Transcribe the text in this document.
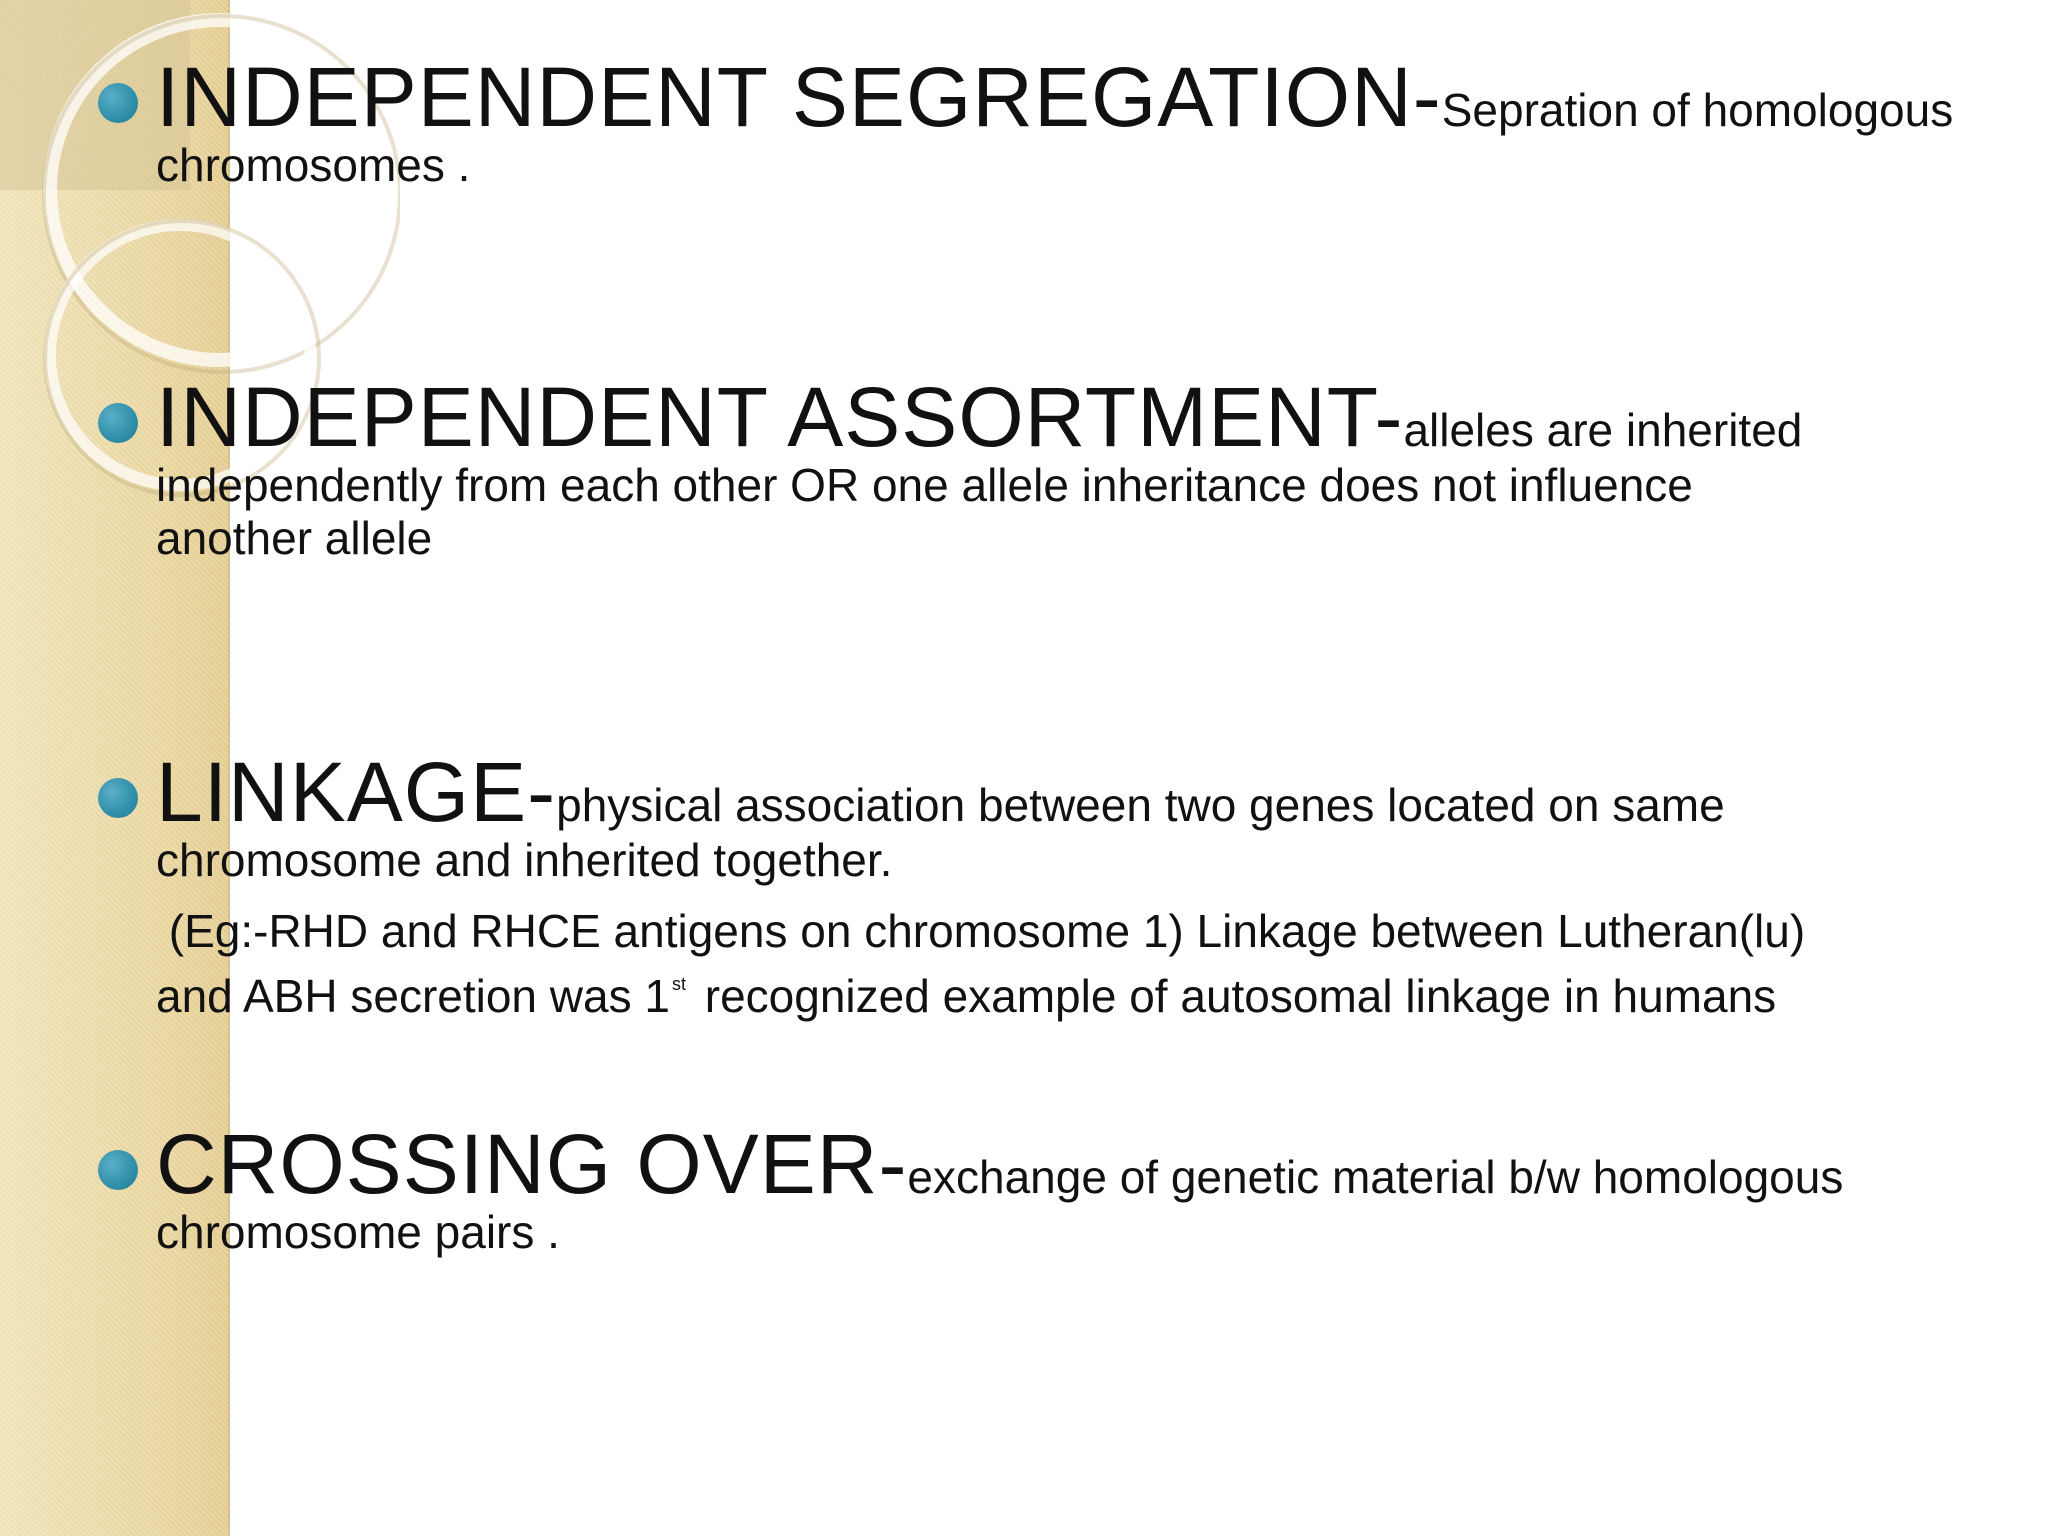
INDEPENDENT SEGREGATION-Sepration of homologous
chromosomes .
INDEPENDENT ASSORTMENT-alleles are inherited
independently from each other OR one allele inheritance does not influence
another allele
LINKAGE-physical association between two genes located on same
chromosome and inherited together.
(Eg:-RHD and RHCE antigens on chromosome 1) Linkage between Lutheran(lu)
and ABH secretion was 1 $^{st}$ recognized example of autosomal linkage in humans
CROSSING OVER-exchange of genetic material b/w homologous
chromosome pairs .
